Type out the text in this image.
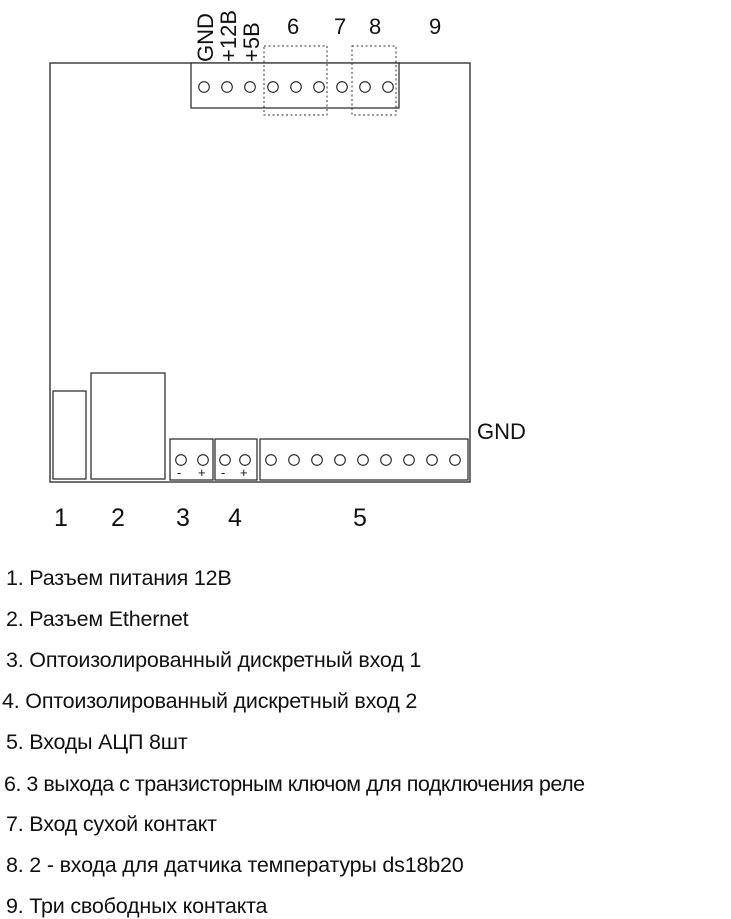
GND
+12B
+5B 6 7 8 9
- + - +
GND
1 2 3 4	5
1. Разъем питания 12В
2. Разъем Ethernet
3. Оптоизолированный дискретный вход 1
4. Оптоизолированный дискретный вход 2
5. Входы АЦП 8шт
6. 3 выхода с транзисторным ключом для подключения реле
7. Вход сухой контакт
8. 2 - входа для датчика температуры ds18b20
9. Три свободных контакта
